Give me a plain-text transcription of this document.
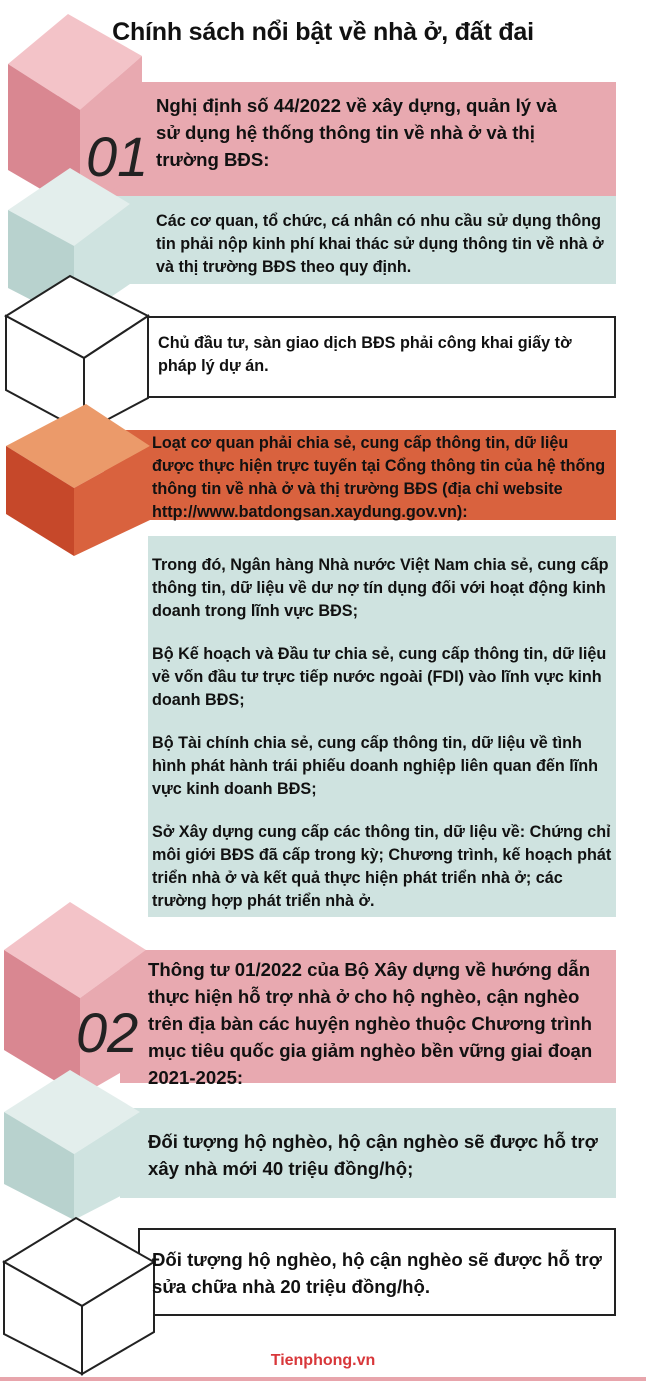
Chính sách nổi bật về nhà ở, đất đai
01
02
Nghị định số 44/2022 về xây dựng, quản lý và sử dụng hệ thống thông tin về nhà ở và thị trường BĐS:
Các cơ quan, tổ chức, cá nhân có nhu cầu sử dụng thông tin phải nộp kinh phí khai thác sử dụng thông tin về nhà ở và thị trường BĐS theo quy định.
Chủ đầu tư, sàn giao dịch BĐS phải công khai giấy tờ pháp lý dự án.
Loạt cơ quan phải chia sẻ, cung cấp thông tin, dữ liệu được thực hiện trực tuyến tại Cổng thông tin của hệ thống thông tin về nhà ở và thị trường BĐS (địa chỉ website http://www.batdongsan.xaydung.gov.vn):

Trong đó, Ngân hàng Nhà nước Việt Nam chia sẻ, cung cấp thông tin, dữ liệu về dư nợ tín dụng đối với hoạt động kinh doanh trong lĩnh vực BĐS;

Bộ Kế hoạch và Đầu tư chia sẻ, cung cấp thông tin, dữ liệu về vốn đầu tư trực tiếp nước ngoài (FDI) vào lĩnh vực kinh doanh BĐS;

Bộ Tài chính chia sẻ, cung cấp thông tin, dữ liệu về tình hình phát hành trái phiếu doanh nghiệp liên quan đến lĩnh vực kinh doanh BĐS;

Sở Xây dựng cung cấp các thông tin, dữ liệu về: Chứng chỉ môi giới BĐS đã cấp trong kỳ; Chương trình, kế hoạch phát triển nhà ở và kết quả thực hiện phát triển nhà ở; các trường hợp phát triển nhà ở.

Thông tư 01/2022 của Bộ Xây dựng về hướng dẫn thực hiện hỗ trợ nhà ở cho hộ nghèo, cận nghèo trên địa bàn các huyện nghèo thuộc Chương trình mục tiêu quốc gia giảm nghèo bền vững giai đoạn 2021-2025:
Đối tượng hộ nghèo, hộ cận nghèo sẽ được hỗ trợ xây nhà mới 40 triệu đồng/hộ;
Đối tượng hộ nghèo, hộ cận nghèo sẽ được hỗ trợ sửa chữa nhà 20 triệu đồng/hộ.
Tienphong.vn
